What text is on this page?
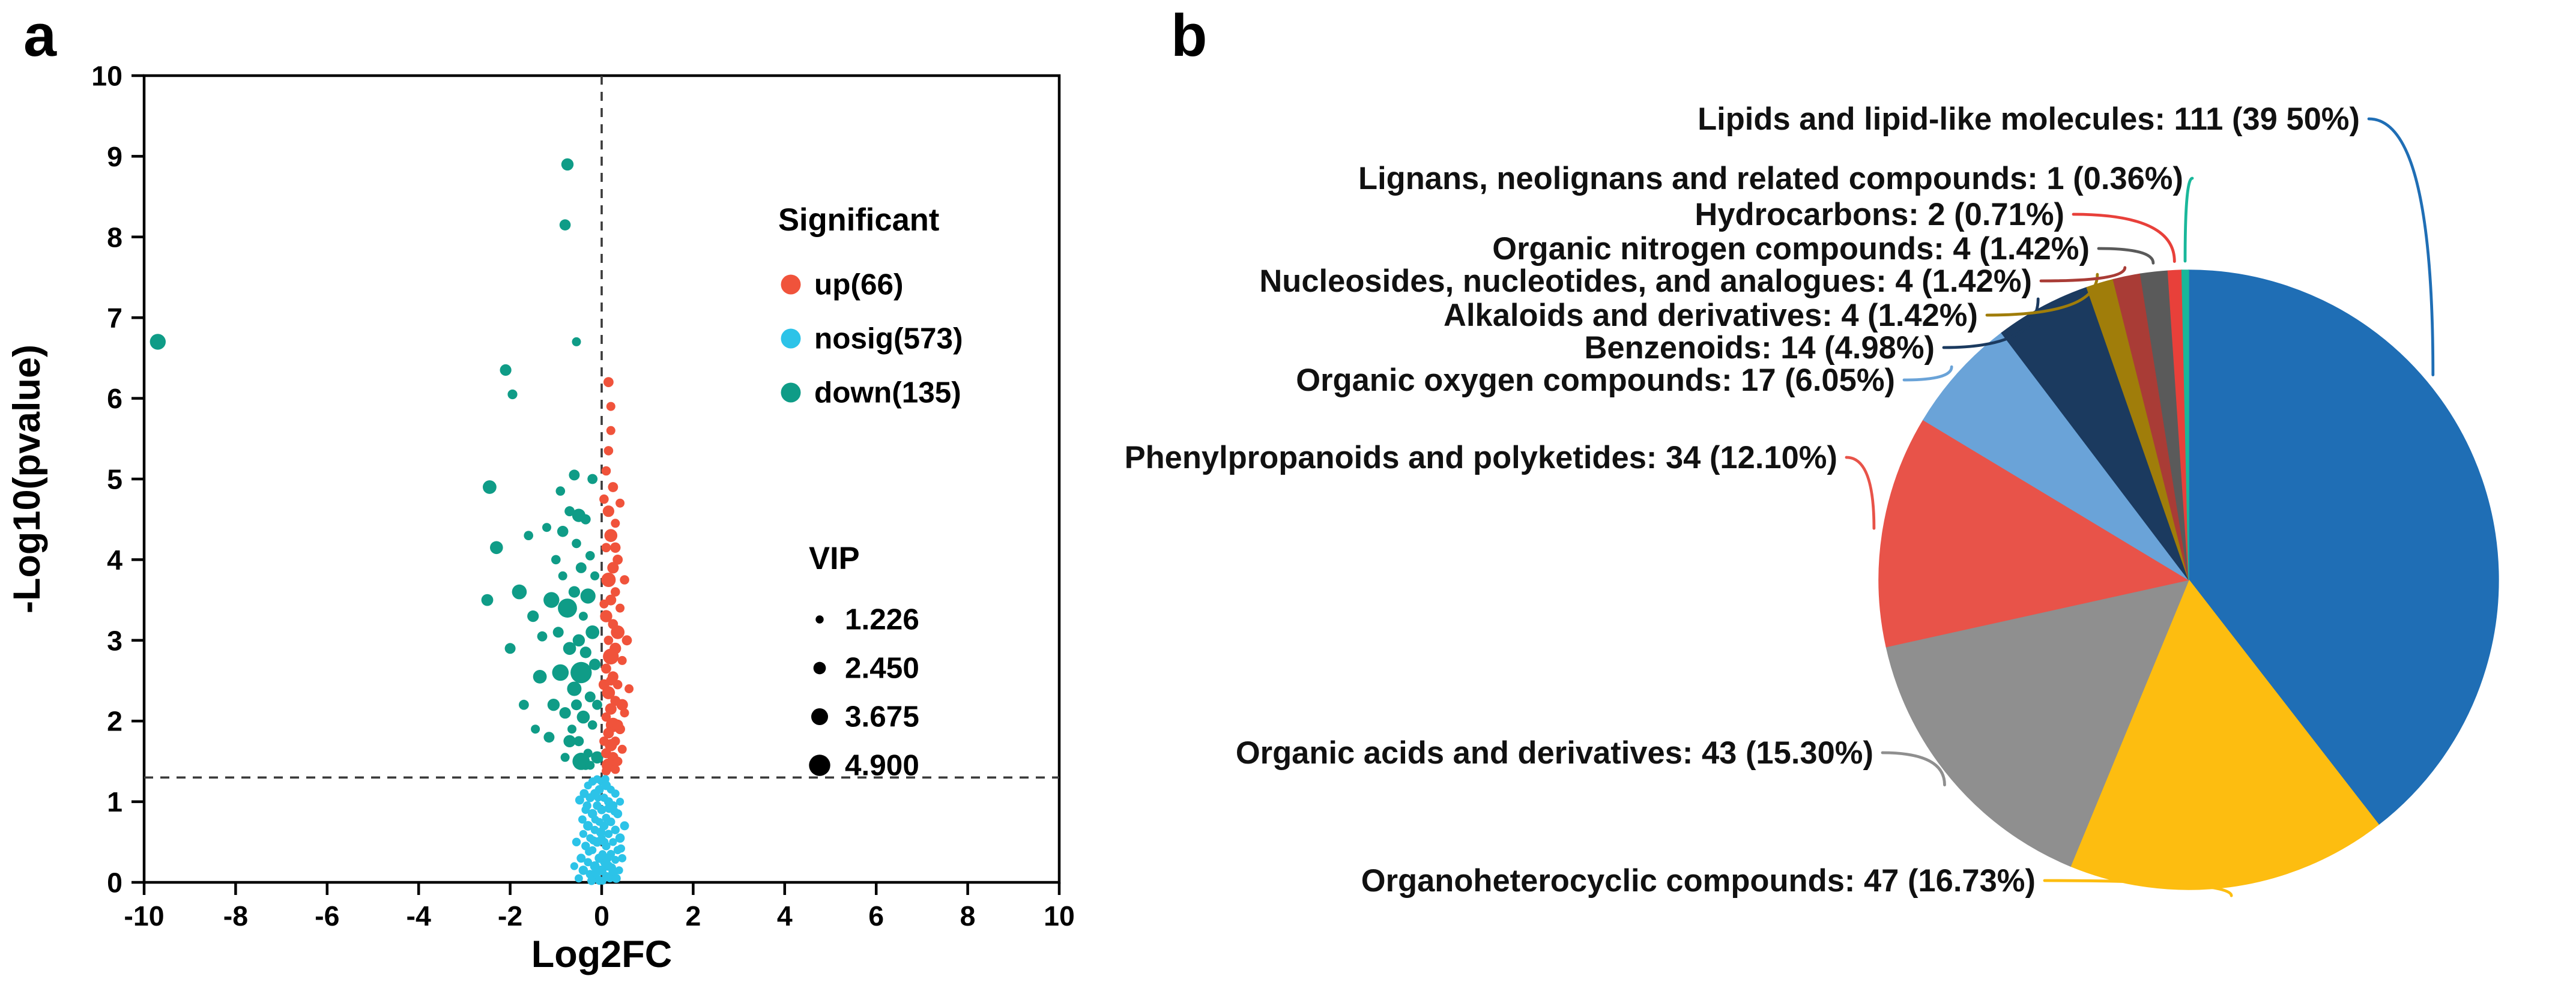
-10	-8	-6	-4	-2	0	2	4	6	8	10
0
1
2
3
4
5
6
7
8
9
10
Log2FC
-Log10(pvalue)
Significant
up(66)
nosig(573)
down(135)
VIP
1.226
2.450
3.675
4.900
a	b
Lipids and lipid-like molecules: 111 (39 50%)
Organoheterocyclic compounds: 47 (16.73%)
Organic acids and derivatives: 43 (15.30%)
Phenylpropanoids and polyketides: 34 (12.10%)
Organic oxygen compounds: 17 (6.05%)
Benzenoids: 14 (4.98%)
Alkaloids and derivatives: 4 (1.42%)
Nucleosides, nucleotides, and analogues: 4 (1.42%)
Organic nitrogen compounds: 4 (1.42%)
Hydrocarbons: 2 (0.71%)
Lignans, neolignans and related compounds: 1 (0.36%)
